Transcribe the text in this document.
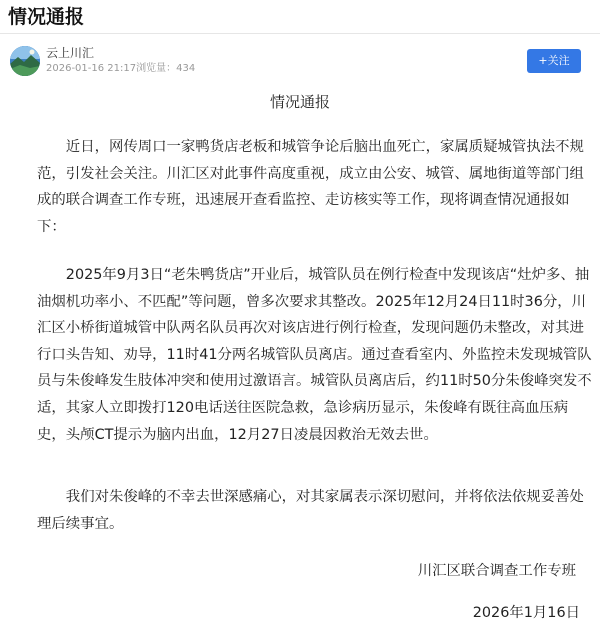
情况通报
云上川汇
2026-01-16 21:17浏览量：434
+关注
情况通报

近日，网传周口一家鸭货店老板和城管争论后脑出血死亡，家属质疑城管执法不规范，引发社会关注。川汇区对此事件高度重视，成立由公安、城管、属地街道等部门组成的联合调查工作专班，迅速展开查看监控、走访核实等工作，现将调查情况通报如下：

2025年9月3日“老朱鸭货店”开业后，城管队员在例行检查中发现该店“灶炉多、抽油烟机功率小、不匹配”等问题，曾多次要求其整改。2025年12月24日11时36分，川汇区小桥街道城管中队两名队员再次对该店进行例行检查，发现问题仍未整改，对其进行口头告知、劝导，11时41分两名城管队员离店。通过查看室内、外监控未发现城管队员与朱俊峰发生肢体冲突和使用过激语言。城管队员离店后，约11时50分朱俊峰突发不适，其家人立即拨打120电话送往医院急救，急诊病历显示，朱俊峰有既往高血压病史，头颅CT提示为脑内出血，12月27日凌晨因救治无效去世。

我们对朱俊峰的不幸去世深感痛心，对其家属表示深切慰问，并将依法依规妥善处理后续事宜。

川汇区联合调查工作专班
2026年1月16日
